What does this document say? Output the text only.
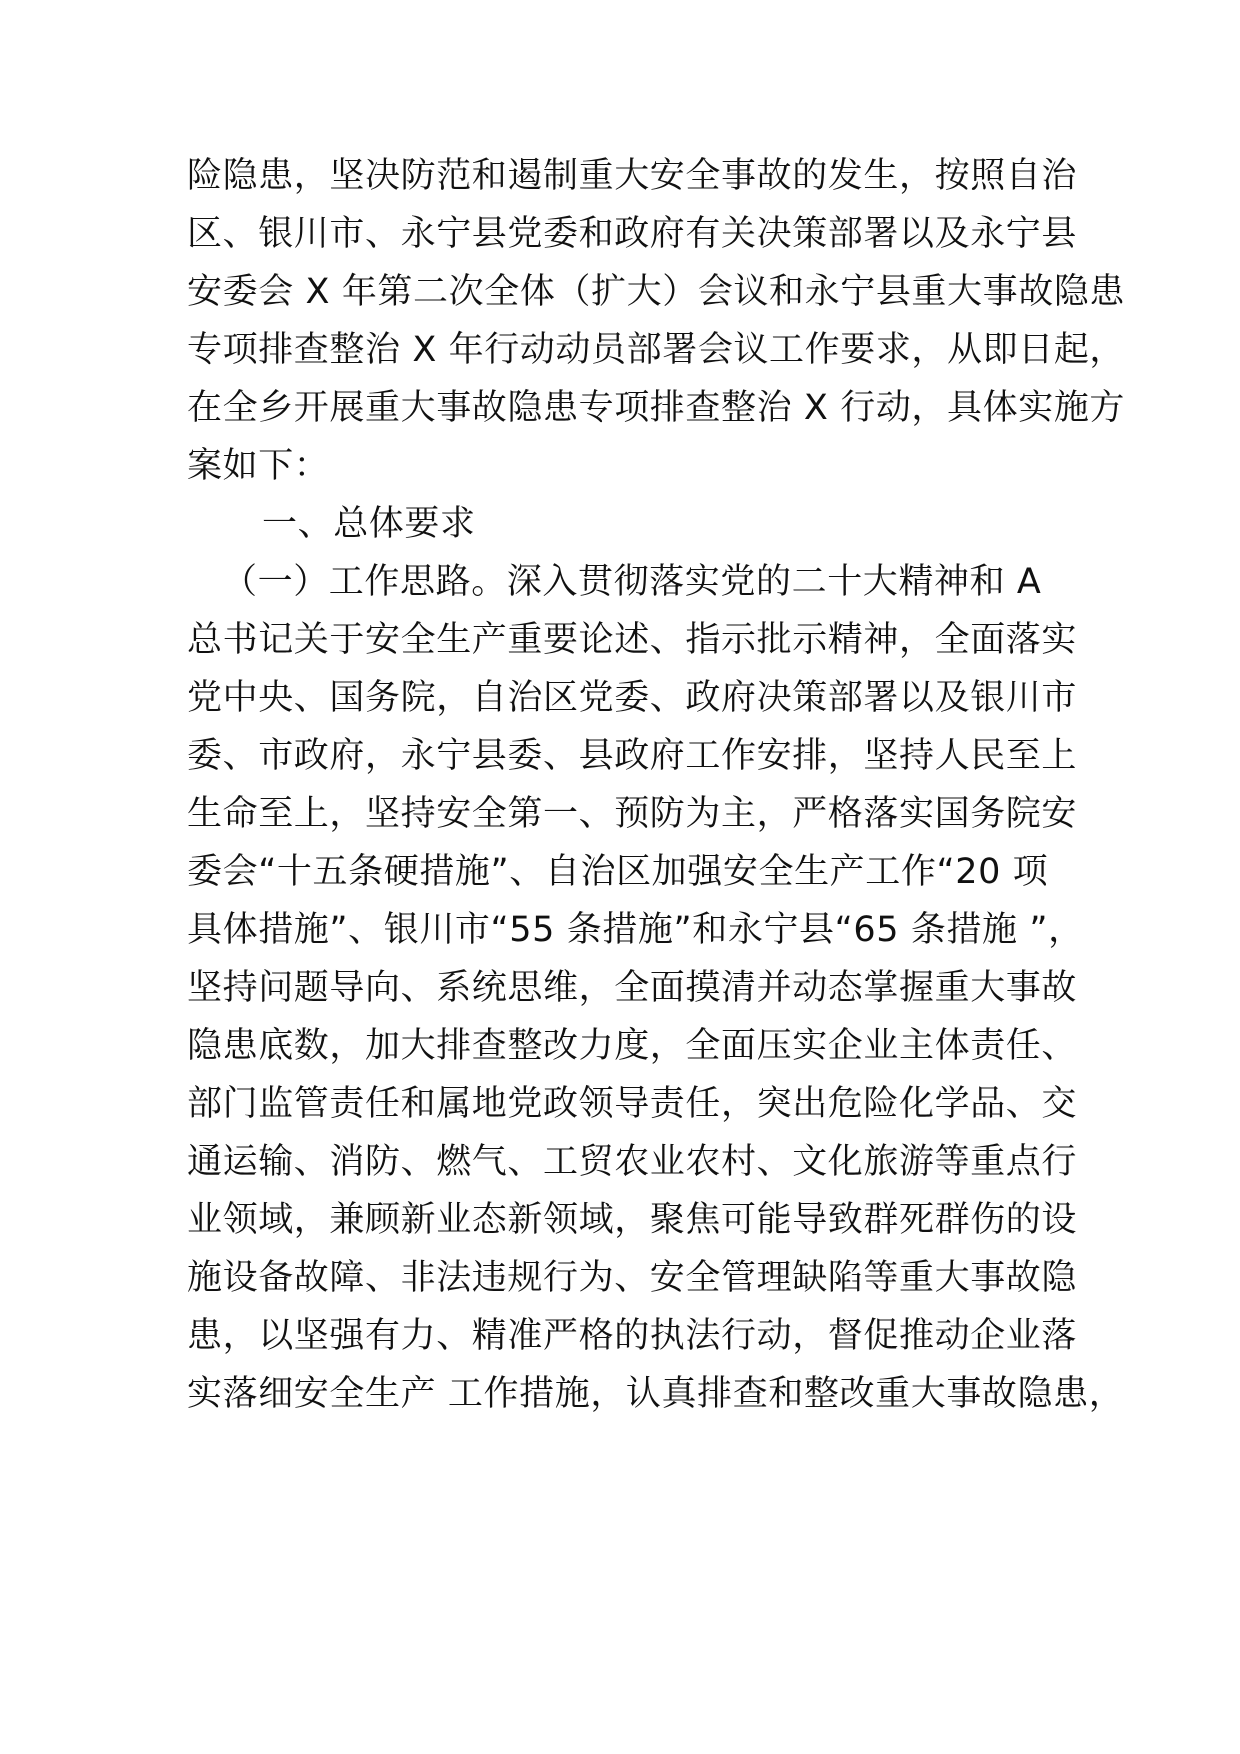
险隐患，坚决防范和遏制重大安全事故的发生，按照自治
区、银川市、永宁县党委和政府有关决策部署以及永宁县
安委会 X 年第二次全体（扩大）会议和永宁县重大事故隐患
专项排查整治 X 年行动动员部署会议工作要求，从即日起，
在全乡开展重大事故隐患专项排查整治 X 行动，具体实施方
案如下：
一、总体要求
（一）工作思路。深入贯彻落实党的二十大精神和 A
总书记关于安全生产重要论述、指示批示精神，全面落实
党中央、国务院，自治区党委、政府决策部署以及银川市
委、市政府，永宁县委、县政府工作安排，坚持人民至上
生命至上，坚持安全第一、预防为主，严格落实国务院安
委会“十五条硬措施”、自治区加强安全生产工作“20 项
具体措施”、银川市“55 条措施”和永宁县“65 条措施 ”，
坚持问题导向、系统思维，全面摸清并动态掌握重大事故
隐患底数，加大排查整改力度，全面压实企业主体责任、
部门监管责任和属地党政领导责任，突出危险化学品、交
通运输、消防、燃气、工贸农业农村、文化旅游等重点行
业领域，兼顾新业态新领域，聚焦可能导致群死群伤的设
施设备故障、非法违规行为、安全管理缺陷等重大事故隐
患，以坚强有力、精准严格的执法行动，督促推动企业落
实落细安全生产 工作措施，认真排查和整改重大事故隐患，
